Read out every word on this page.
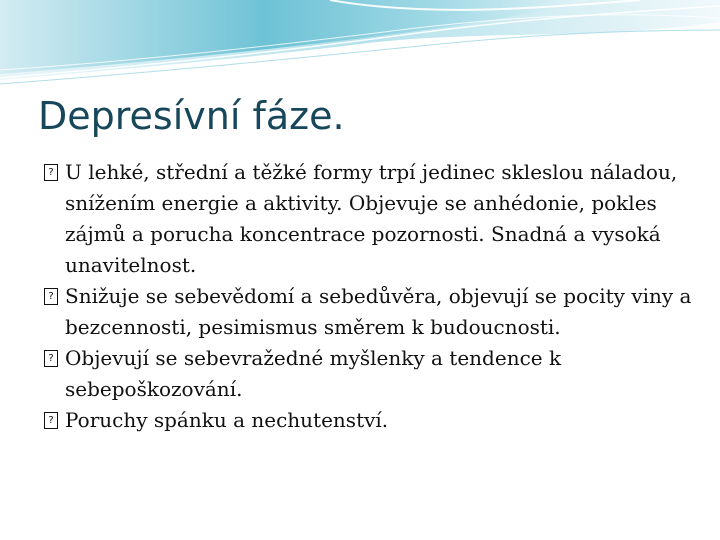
Depresívní fáze.
? U lehké, střední a těžké formy trpí jedinec skleslou náladou, snížením energie a aktivity. Objevuje se anhédonie, pokles zájmů a porucha koncentrace pozornosti. Snadná a vysoká unavitelnost.
? Snižuje se sebevědomí a sebedůvěra, objevují se pocity viny a bezcennosti, pesimismus směrem k budoucnosti.
? Objevují se sebevražedné myšlenky a tendence k sebepoškozování.
? Poruchy spánku a nechutenství.
